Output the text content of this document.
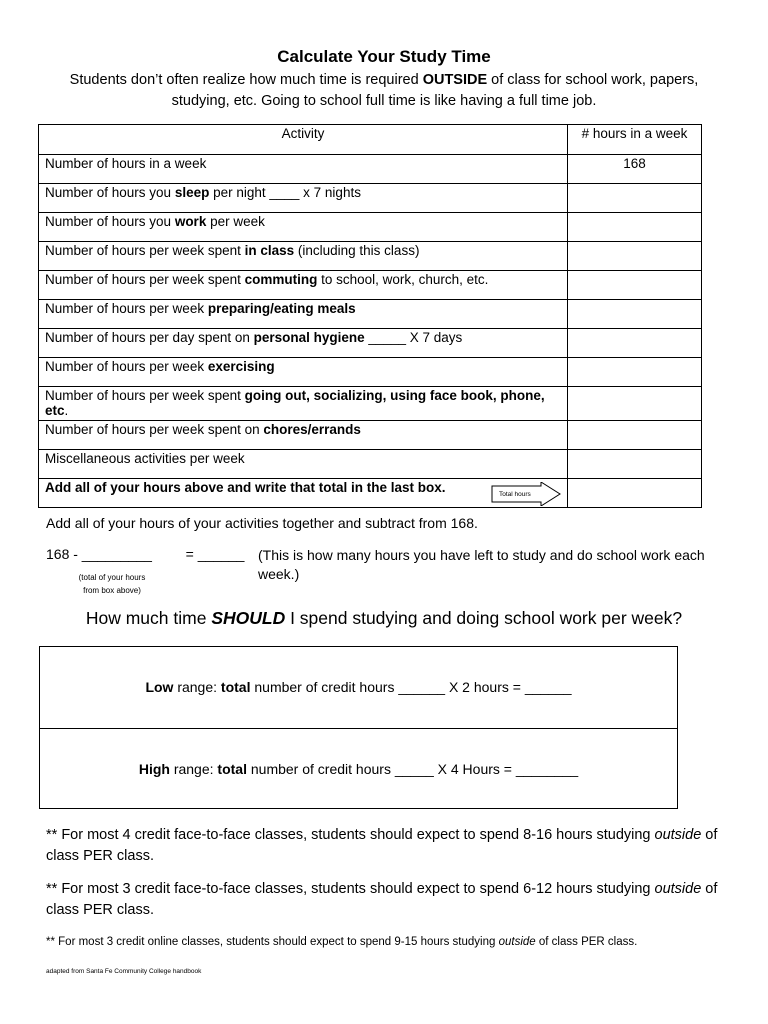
Calculate Your Study Time
Students don’t often realize how much time is required OUTSIDE of class for school work, papers, studying, etc. Going to school full time is like having a full time job.
Activity	# hours in a week
Number of hours in a week	168
Number of hours you sleep per night ____ x 7 nights	
Number of hours you work per week	
Number of hours per week spent in class (including this class)	
Number of hours per week spent commuting to school, work, church, etc.	
Number of hours per week preparing/eating meals	
Number of hours per day spent on personal hygiene _____ X 7 days	
Number of hours per week exercising	
Number of hours per week spent going out, socializing, using face book, phone, etc.	
Number of hours per week spent on chores/errands	
Miscellaneous activities per week	
Add all of your hours above and write that total in the last box. Total hours	

Add all of your hours of your activities together and subtract from 168.
168 - _________ = ______ (This is how many hours you have left to study and do school work each week.)
(total of your hours
from box above)
How much time SHOULD I spend studying and doing school work per week?
Low range: total number of credit hours ______ X 2 hours = ______
High range: total number of credit hours _____ X 4 Hours = ________
** For most 4 credit face-to-face classes, students should expect to spend 8-16 hours studying outside of class PER class.
** For most 3 credit face-to-face classes, students should expect to spend 6-12 hours studying outside of class PER class.
** For most 3 credit online classes, students should expect to spend 9-15 hours studying outside of class PER class.
adapted from Santa Fe Community College handbook
